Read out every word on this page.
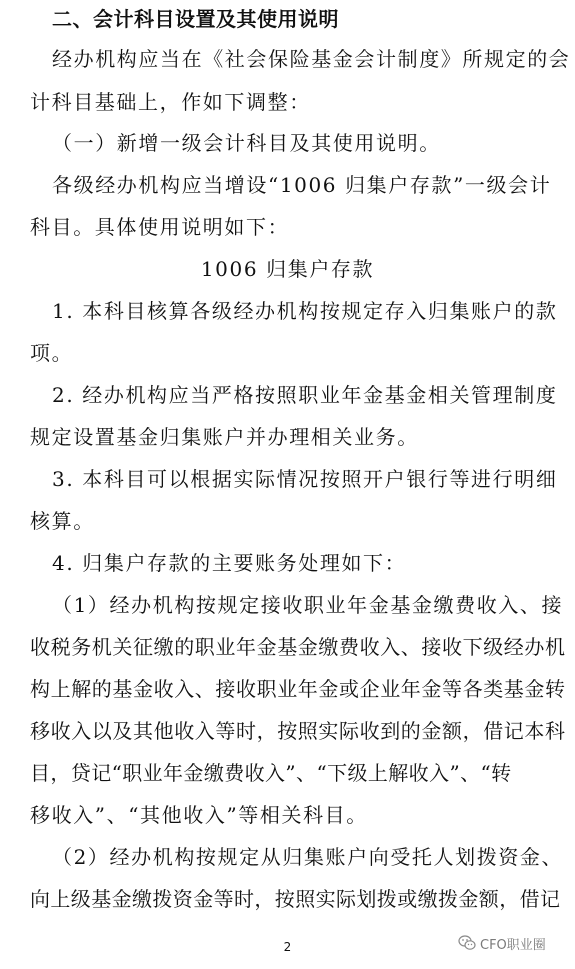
二、会计科目设置及其使用说明
经办机构应当在《社会保险基金会计制度》所规定的会
计科目基础上，作如下调整：
（一）新增一级会计科目及其使用说明。
各级经办机构应当增设“1006 归集户存款”一级会计
科目。具体使用说明如下：
1006 归集户存款
1. 本科目核算各级经办机构按规定存入归集账户的款
项。
2. 经办机构应当严格按照职业年金基金相关管理制度
规定设置基金归集账户并办理相关业务。
3. 本科目可以根据实际情况按照开户银行等进行明细
核算。
4. 归集户存款的主要账务处理如下：
（1）经办机构按规定接收职业年金基金缴费收入、接
收税务机关征缴的职业年金基金缴费收入、接收下级经办机
构上解的基金收入、接收职业年金或企业年金等各类基金转
移收入以及其他收入等时，按照实际收到的金额，借记本科
目，贷记“职业年金缴费收入”、“下级上解收入”、“转
移收入”、“其他收入”等相关科目。
（2）经办机构按规定从归集账户向受托人划拨资金、
向上级基金缴拨资金等时，按照实际划拨或缴拨金额，借记
2	CFO职业圈
